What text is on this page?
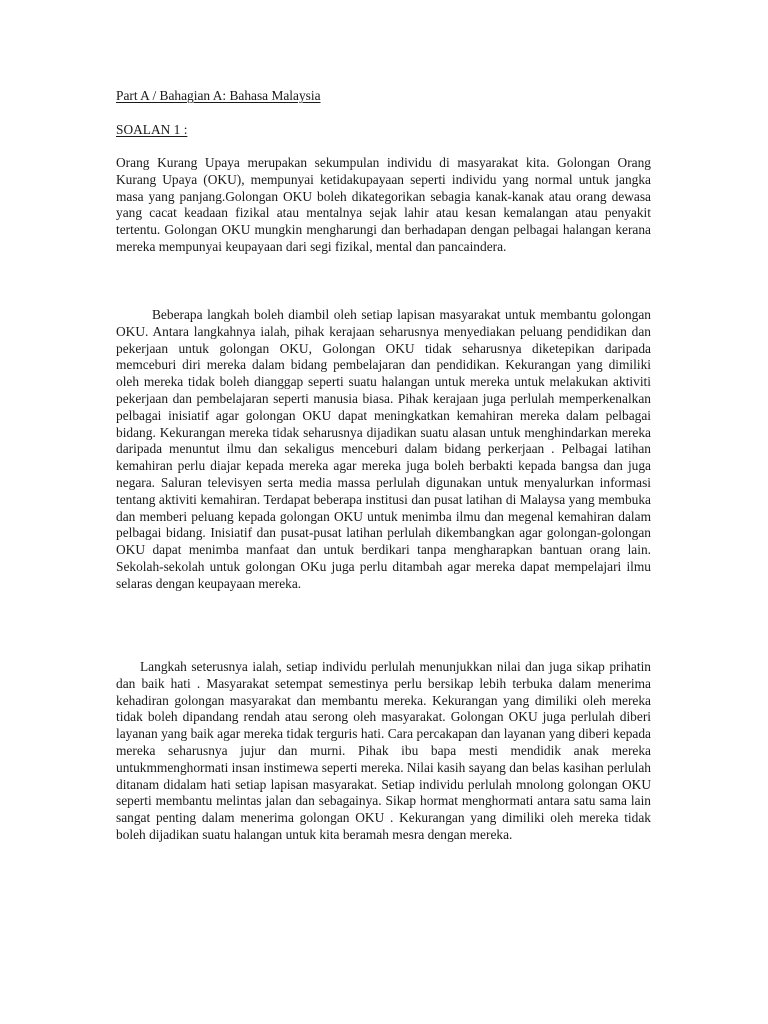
Part A / Bahagian A: Bahasa Malaysia
SOALAN 1 :
Orang Kurang Upaya merupakan sekumpulan individu di masyarakat kita. Golongan Orang Kurang Upaya (OKU), mempunyai ketidakupayaan seperti individu yang normal untuk jangka masa yang panjang.Golongan OKU boleh dikategorikan sebagia kanak-kanak atau orang dewasa yang cacat keadaan fizikal atau mentalnya sejak lahir atau kesan kemalangan atau penyakit tertentu. Golongan OKU mungkin mengharungi dan berhadapan dengan pelbagai halangan kerana mereka mempunyai keupayaan dari segi fizikal, mental dan pancaindera.
Beberapa langkah boleh diambil oleh setiap lapisan masyarakat untuk membantu golongan OKU. Antara langkahnya ialah, pihak kerajaan seharusnya menyediakan peluang pendidikan dan pekerjaan untuk golongan OKU, Golongan OKU tidak seharusnya diketepikan daripada memceburi diri mereka dalam bidang pembelajaran dan pendidikan. Kekurangan yang dimiliki oleh mereka tidak boleh dianggap seperti suatu halangan untuk mereka untuk melakukan aktiviti pekerjaan dan pembelajaran seperti manusia biasa. Pihak kerajaan juga perlulah memperkenalkan pelbagai inisiatif agar golongan OKU dapat meningkatkan kemahiran mereka dalam pelbagai bidang. Kekurangan mereka tidak seharusnya dijadikan suatu alasan untuk menghindarkan mereka daripada menuntut ilmu dan sekaligus menceburi dalam bidang perkerjaan . Pelbagai latihan kemahiran perlu diajar kepada mereka agar mereka juga boleh berbakti kepada bangsa dan juga negara. Saluran televisyen serta media massa perlulah digunakan untuk menyalurkan informasi tentang aktiviti kemahiran. Terdapat beberapa institusi dan pusat latihan di Malaysa yang membuka dan memberi peluang kepada golongan OKU untuk menimba ilmu dan megenal kemahiran dalam pelbagai bidang. Inisiatif dan pusat-pusat latihan perlulah dikembangkan agar golongan-golongan OKU dapat menimba manfaat dan untuk berdikari tanpa mengharapkan bantuan orang lain. Sekolah-sekolah untuk golongan OKu juga perlu ditambah agar mereka dapat mempelajari ilmu selaras dengan keupayaan mereka.
Langkah seterusnya ialah, setiap individu perlulah menunjukkan nilai dan juga sikap prihatin dan baik hati . Masyarakat setempat semestinya perlu bersikap lebih terbuka dalam menerima kehadiran golongan masyarakat dan membantu mereka. Kekurangan yang dimiliki oleh mereka tidak boleh dipandang rendah atau serong oleh masyarakat. Golongan OKU juga perlulah diberi layanan yang baik agar mereka tidak terguris hati. Cara percakapan dan layanan yang diberi kepada mereka seharusnya jujur dan murni. Pihak ibu bapa mesti mendidik anak mereka untukmmenghormati insan instimewa seperti mereka. Nilai kasih sayang dan belas kasihan perlulah ditanam didalam hati setiap lapisan masyarakat. Setiap individu perlulah mnolong golongan OKU seperti membantu melintas jalan dan sebagainya. Sikap hormat menghormati antara satu sama lain sangat penting dalam menerima golongan OKU . Kekurangan yang dimiliki oleh mereka tidak boleh dijadikan suatu halangan untuk kita beramah mesra dengan mereka.
